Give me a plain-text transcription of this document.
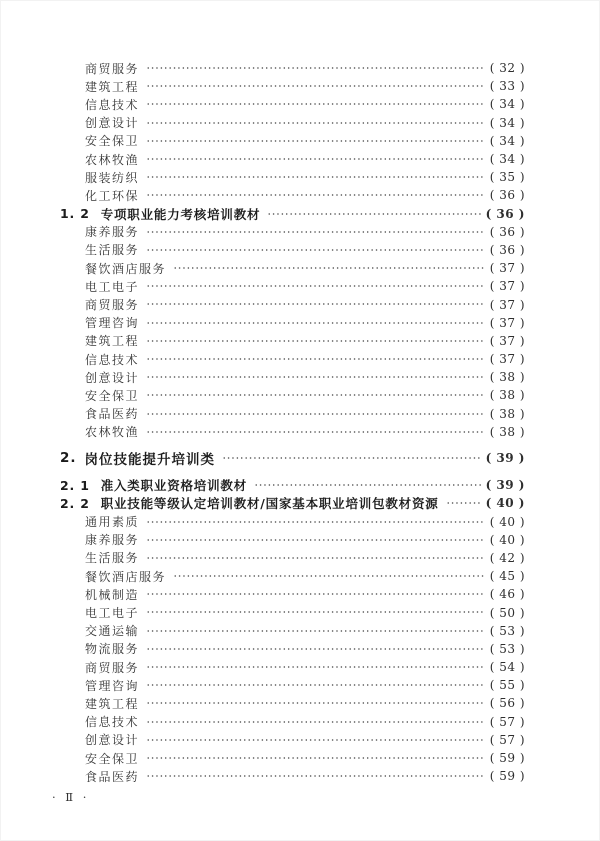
商贸服务	( 32 )
建筑工程	( 33 )
信息技术	( 34 )
创意设计	( 34 )
安全保卫	( 34 )
农林牧渔	( 34 )
服装纺织	( 35 )
化工环保	( 36 )
1. 2 专项职业能力考核培训教材	( 36 )
康养服务	( 36 )
生活服务	( 36 )
餐饮酒店服务	( 37 )
电工电子	( 37 )
商贸服务	( 37 )
管理咨询	( 37 )
建筑工程	( 37 )
信息技术	( 37 )
创意设计	( 38 )
安全保卫	( 38 )
食品医药	( 38 )
农林牧渔	( 38 )
2. 岗位技能提升培训类	( 39 )
2. 1 准入类职业资格培训教材	( 39 )
2. 2 职业技能等级认定培训教材/国家基本职业培训包教材资源	( 40 )
通用素质	( 40 )
康养服务	( 40 )
生活服务	( 42 )
餐饮酒店服务	( 45 )
机械制造	( 46 )
电工电子	( 50 )
交通运输	( 53 )
物流服务	( 53 )
商贸服务	( 54 )
管理咨询	( 55 )
建筑工程	( 56 )
信息技术	( 57 )
创意设计	( 57 )
安全保卫	( 59 )
食品医药	( 59 )
· Ⅱ ·
